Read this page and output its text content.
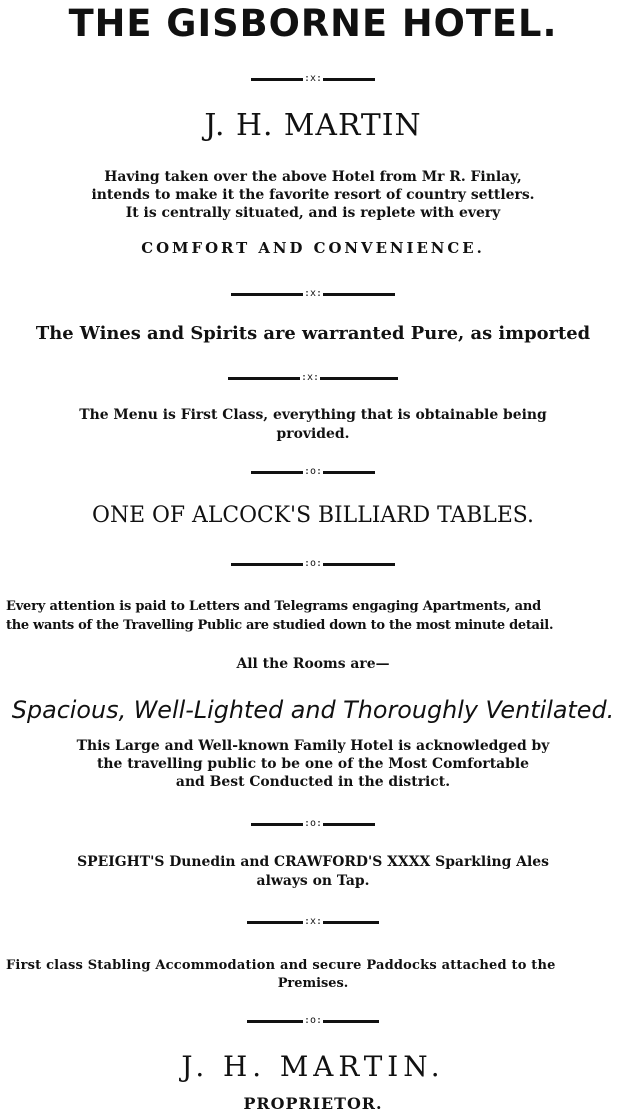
THE GISBORNE HOTEL.
:x:
J. H. MARTIN
Having taken over the above Hotel from Mr R. Finlay,
intends to make it the favorite resort of country settlers.
It is centrally situated, and is replete with every
COMFORT AND CONVENIENCE.
:x:
The Wines and Spirits are warranted Pure, as imported
:x:
The Menu is First Class, everything that is obtainable being
provided.
:o:
ONE OF ALCOCK'S BILLIARD TABLES.
:o:
Every attention is paid to Letters and Telegrams engaging Apartments, and
the wants of the Travelling Public are studied down to the most minute detail.
All the Rooms are—
Spacious, Well-Lighted and Thoroughly Ventilated.
This Large and Well-known Family Hotel is acknowledged by
the travelling public to be one of the Most Comfortable
and Best Conducted in the district.
:o:
SPEIGHT'S Dunedin and CRAWFORD'S XXXX Sparkling Ales
always on Tap.
:x:
First class Stabling Accommodation and secure Paddocks attached to the
Premises.
:o:
J. H. MARTIN.
PROPRIETOR.
